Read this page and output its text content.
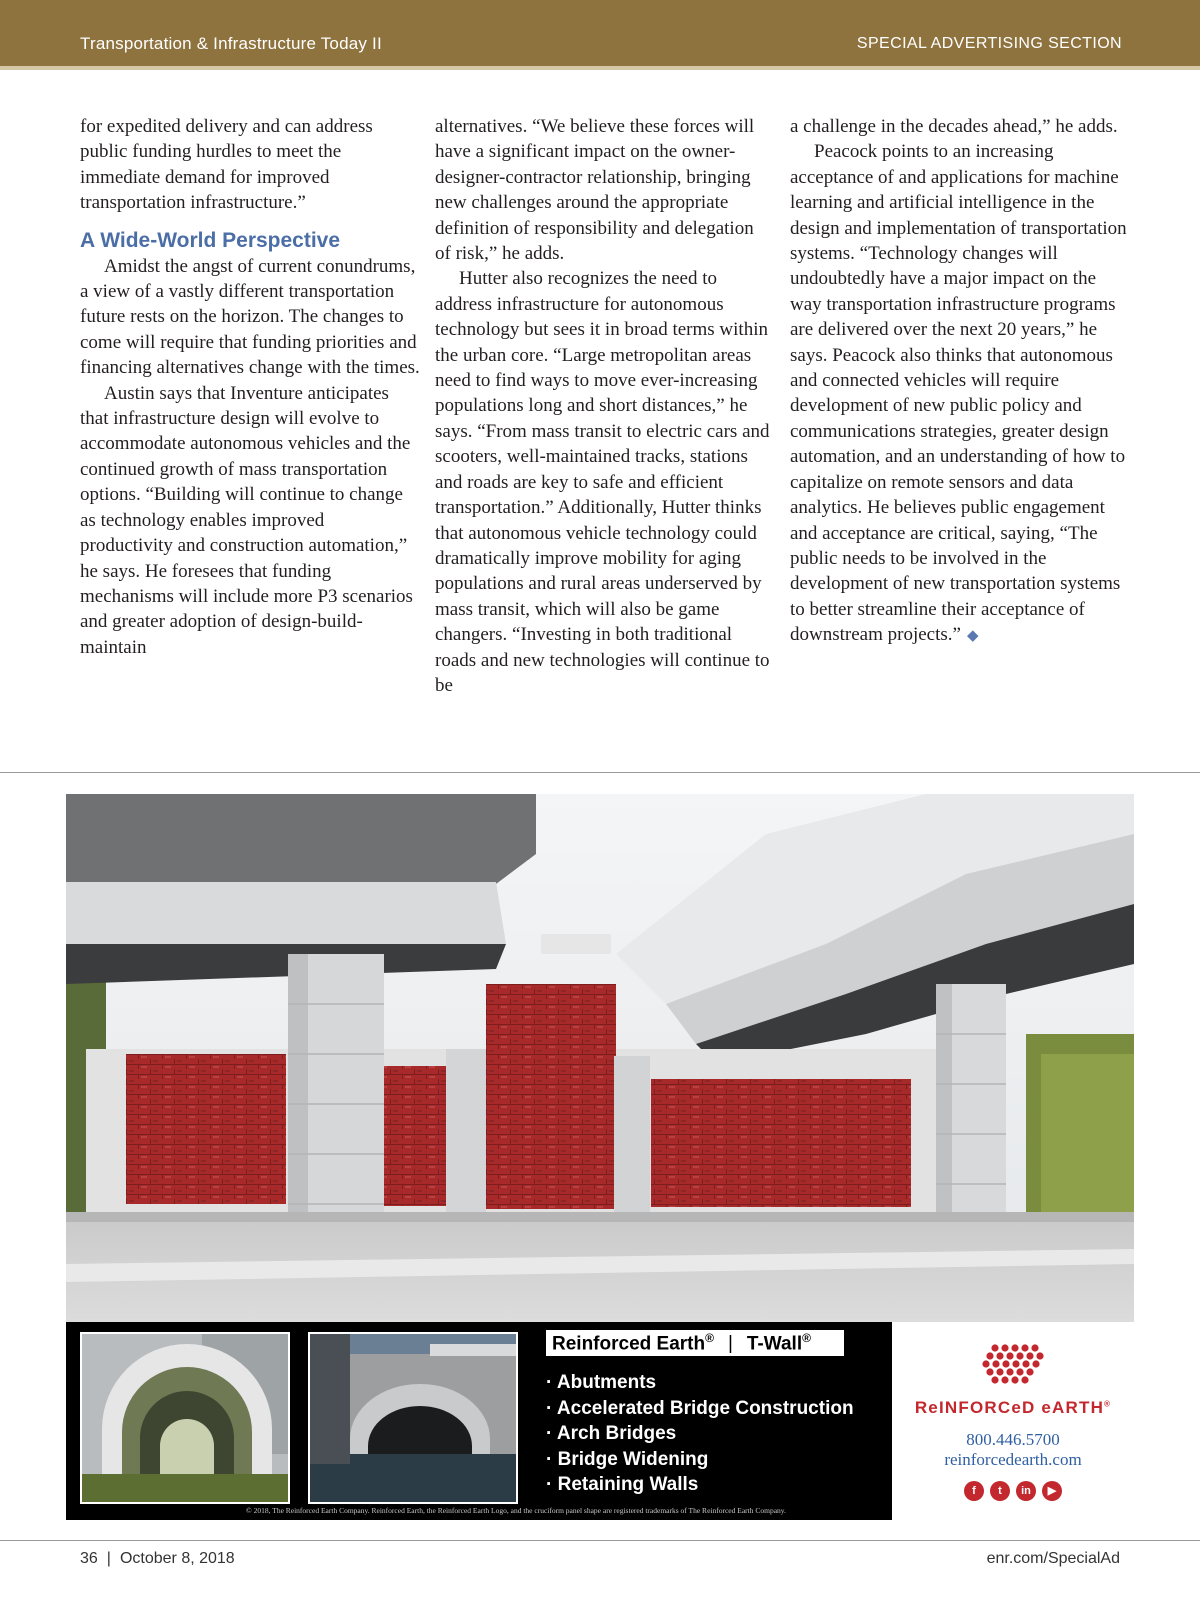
Transportation & Infrastructure Today II	SPECIAL ADVERTISING SECTION

for expedited delivery and can address public funding hurdles to meet the immediate demand for improved transportation infrastructure.”

A Wide-World Perspective

Amidst the angst of current conundrums, a view of a vastly different transportation future rests on the horizon. The changes to come will require that funding priorities and financing alternatives change with the times.

Austin says that Inventure anticipates that infrastructure design will evolve to accommodate autonomous vehicles and the continued growth of mass transportation options. “Building will continue to change as technology enables improved productivity and construction automation,” he says. He foresees that funding mechanisms will include more P3 scenarios and greater adoption of design-build-maintain

alternatives. “We believe these forces will have a significant impact on the owner-designer-contractor relationship, bringing new challenges around the appropriate definition of responsibility and delegation of risk,” he adds.

Hutter also recognizes the need to address infrastructure for autonomous technology but sees it in broad terms within the urban core. “Large metropolitan areas need to find ways to move ever-increasing populations long and short distances,” he says. “From mass transit to electric cars and scooters, well-maintained tracks, stations and roads are key to safe and efficient transportation.” Additionally, Hutter thinks that autonomous vehicle technology could dramatically improve mobility for aging populations and rural areas underserved by mass transit, which will also be game changers. “Investing in both traditional roads and new technologies will continue to be

a challenge in the decades ahead,” he adds.

Peacock points to an increasing acceptance of and applications for machine learning and artificial intelligence in the design and implementation of transportation systems. “Technology changes will undoubtedly have a major impact on the way transportation infrastructure programs are delivered over the next 20 years,” he says. Peacock also thinks that autonomous and connected vehicles will require development of new public policy and communications strategies, greater design automation, and an understanding of how to capitalize on remote sensors and data analytics. He believes public engagement and acceptance are critical, saying, “The public needs to be involved in the development of new transportation systems to better streamline their acceptance of downstream projects.” ◆

Reinforced Earth® | T-Wall®
· Abutments
· Accelerated Bridge Construction
· Arch Bridges
· Bridge Widening
· Retaining Walls
© 2018, The Reinforced Earth Company. Reinforced Earth, the Reinforced Earth Logo, and the cruciform panel shape are registered trademarks of The Reinforced Earth Company.
ReINFORCeD eARTH®
800.446.5700
reinforcedearth.com
f	t	in	▶
36 | October 8, 2018	enr.com/SpecialAd
